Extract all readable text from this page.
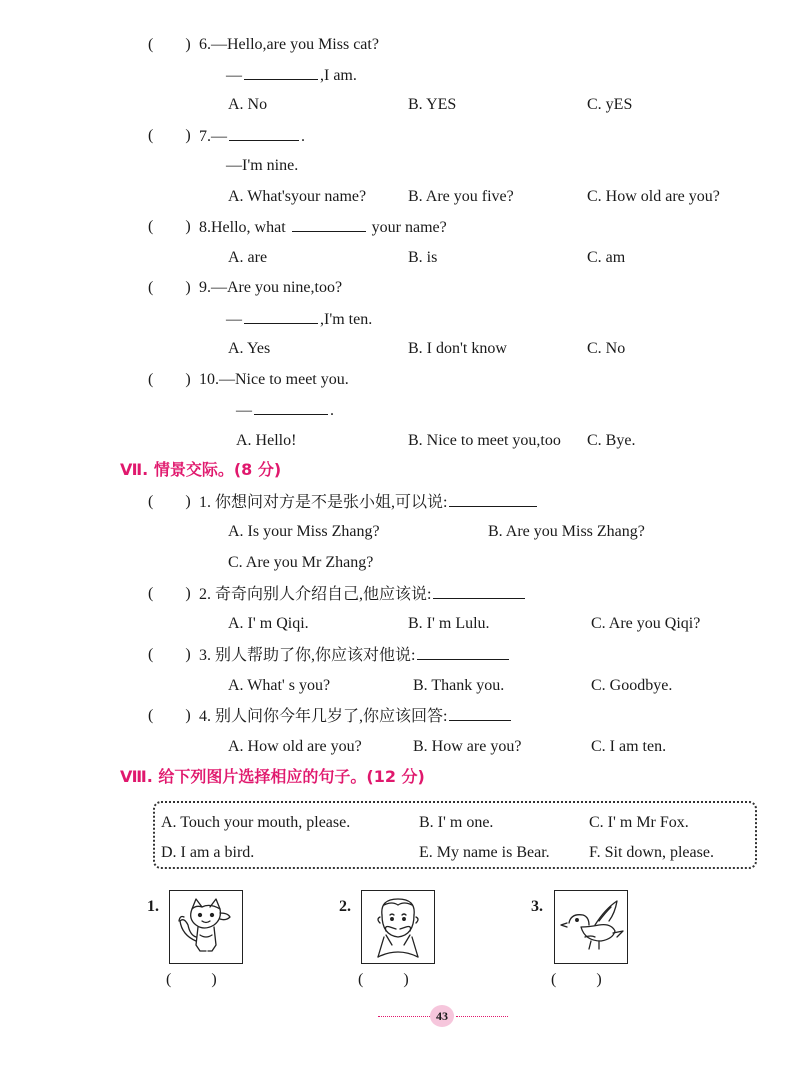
(        ) 6.—Hello,are you Miss cat?
—	,I am.
A. No	B. YES	C. yES
(        ) 7.—	.
—I'm nine.
A. What'syour name?	B. Are you five?	C. How old are you?
(        ) 8.Hello, what	your name?
A. are	B. is	C. am
(        ) 9.—Are you nine,too?
—	,I'm ten.
A. Yes	B. I don't know	C. No
(        ) 10.—Nice to meet you.
—	.
A. Hello!	B. Nice to meet you,too C. Bye.
Ⅶ. 情景交际。(8 分)
(        ) 1. 你想问对方是不是张小姐,可以说:
A. Is your Miss Zhang?	B. Are you Miss Zhang?
C. Are you Mr Zhang?
(        ) 2. 奇奇向别人介绍自己,他应该说:
A. I' m Qiqi.	B. I' m Lulu.	C. Are you Qiqi?
(        ) 3. 别人帮助了你,你应该对他说:
A. What' s you?	B. Thank you.	C. Goodbye.
(        ) 4. 别人问你今年几岁了,你应该回答:
A. How old are you?	B. How are you?	C. I am ten.
Ⅷ. 给下列图片选择相应的句子。(12 分)
A. Touch your mouth, please.	B. I' m one.	C. I' m Mr Fox.
D. I am a bird.	E. My name is Bear. F. Sit down, please.
1.
(          )
2.
(          )
3.
(          )
43
